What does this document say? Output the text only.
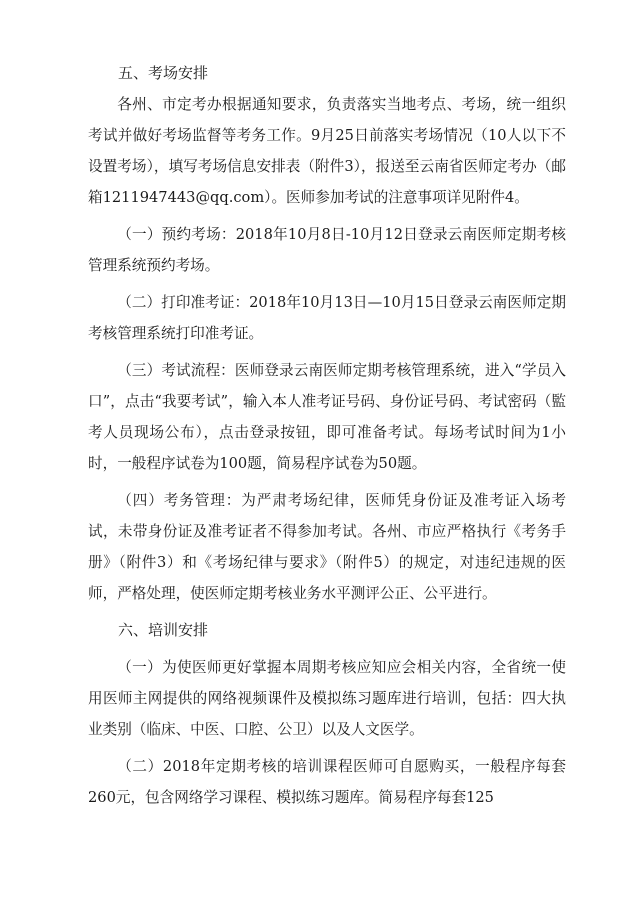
五、考场安排

各州、市定考办根据通知要求，负责落实当地考点、考场，统一组织考试并做好考场监督等考务工作。9月25日前落实考场情况（10人以下不设置考场），填写考场信息安排表（附件3），报送至云南省医师定考办（邮箱1211947443@qq.com）。医师参加考试的注意事项详见附件4。

（一）预约考场：2018年10月8日-10月12日登录云南医师定期考核管理系统预约考场。

（二）打印准考证：2018年10月13日—10月15日登录云南医师定期考核管理系统打印准考证。

（三）考试流程：医师登录云南医师定期考核管理系统，进入“学员入口”，点击“我要考试”，输入本人准考证号码、身份证号码、考试密码（監考人员现场公布），点击登录按钮，即可准备考试。每场考试时间为1小时，一般程序试卷为100题，简易程序试卷为50题。

（四）考务管理：为严肃考场纪律，医师凭身份证及准考证入场考试，未带身份证及准考证者不得参加考试。各州、市应严格执行《考务手册》（附件3）和《考场纪律与要求》（附件5）的规定，对违纪违规的医师，严格处理，使医师定期考核业务水平测评公正、公平进行。

六、培训安排

（一）为使医师更好掌握本周期考核应知应会相关内容，全省统一使用医师主网提供的网络视频课件及模拟练习题库进行培训，包括：四大执业类别（临床、中医、口腔、公卫）以及人文医学。

（二）2018年定期考核的培训课程医师可自愿购买，一般程序每套260元，包含网络学习课程、模拟练习题库。简易程序每套125
